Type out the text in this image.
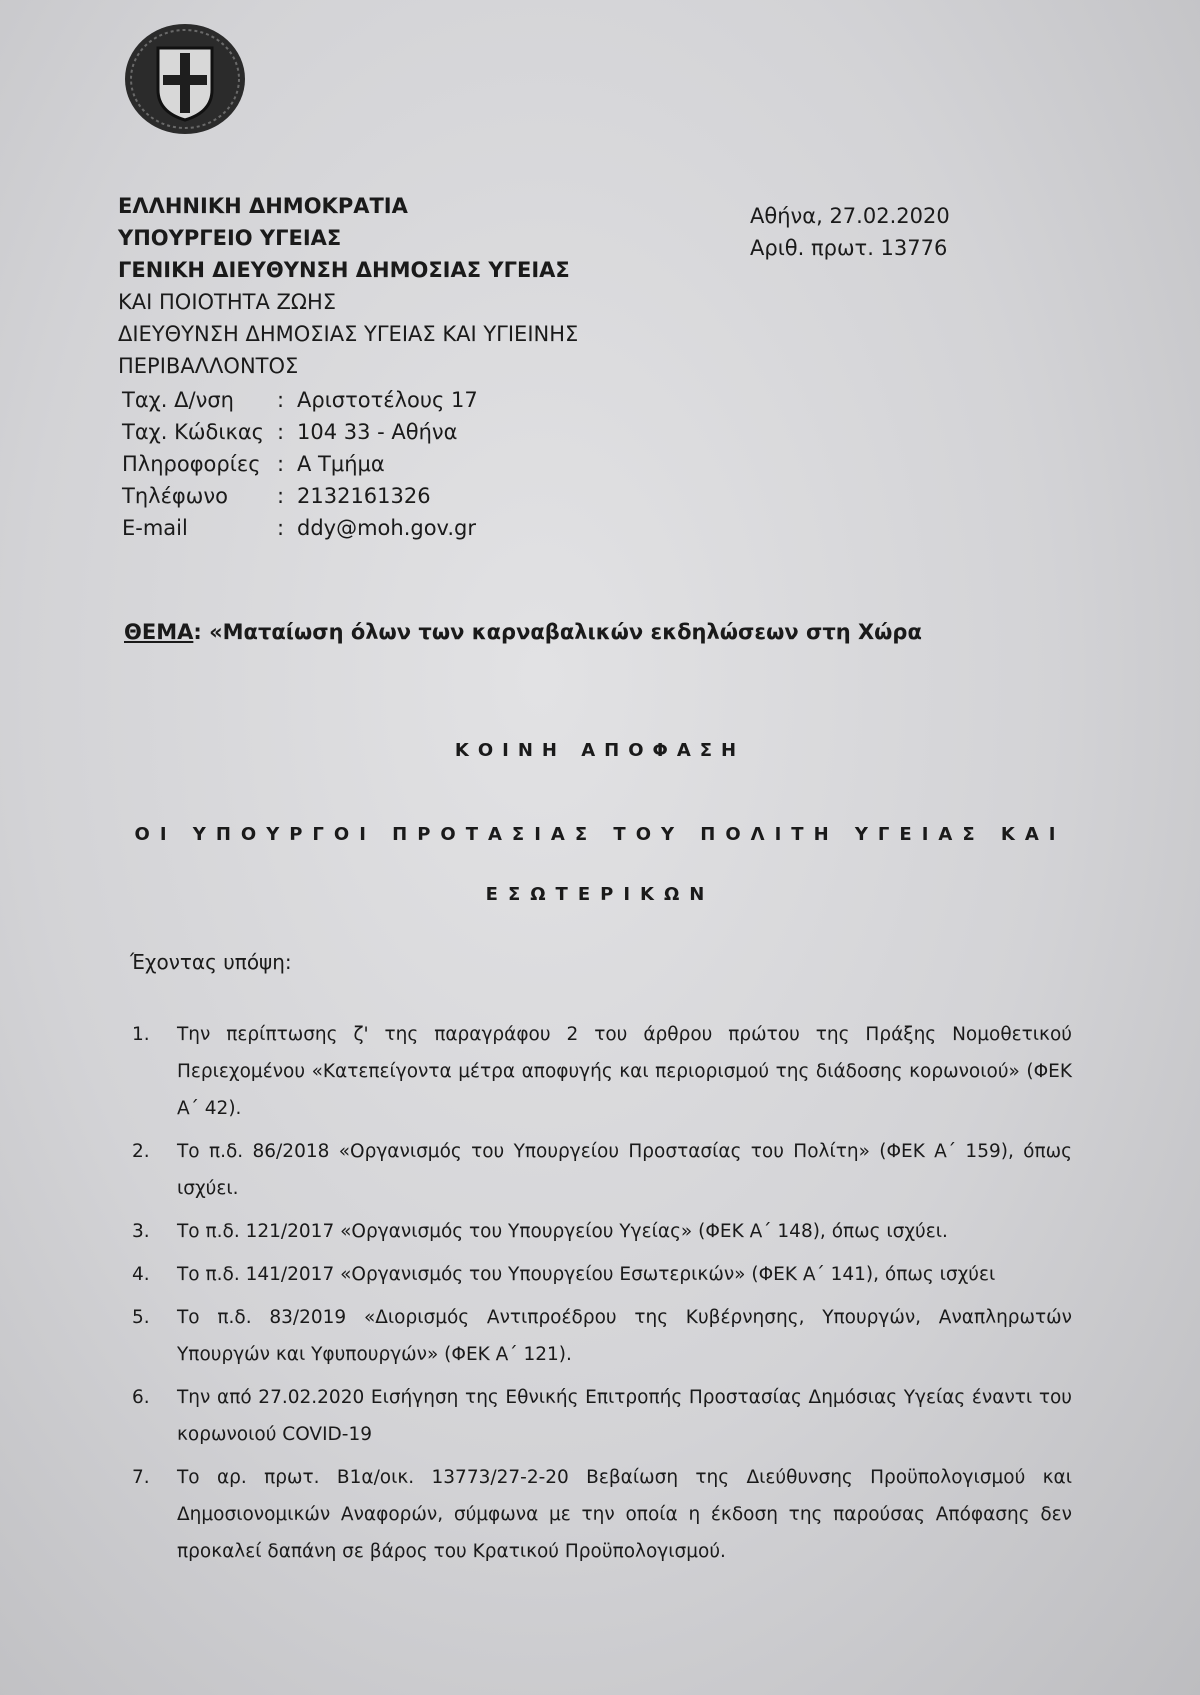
ΕΛΛΗΝΙΚΗ ΔΗΜΟΚΡΑΤΙΑ
ΥΠΟΥΡΓΕΙΟ ΥΓΕΙΑΣ
ΓΕΝΙΚΗ ΔΙΕΥΘΥΝΣΗ ΔΗΜΟΣΙΑΣ ΥΓΕΙΑΣ
ΚΑΙ ΠΟΙΟΤΗΤΑ ΖΩΗΣ
ΔΙΕΥΘΥΝΣΗ ΔΗΜΟΣΙΑΣ ΥΓΕΙΑΣ ΚΑΙ ΥΓΙΕΙΝΗΣ
ΠΕΡΙΒΑΛΛΟΝΤΟΣ
Αθήνα, 27.02.2020
Αριθ. πρωτ. 13776
Ταχ. Δ/νση	: Αριστοτέλους 17
Ταχ. Κώδικας : 104 33 - Αθήνα
Πληροφορίες : Α Τμήμα
Τηλέφωνο	: 2132161326
E-mail	: ddy@moh.gov.gr
ΘΕΜΑ: «Ματαίωση όλων των καρναβαλικών εκδηλώσεων στη Χώρα
ΚΟΙΝΗ ΑΠΟΦΑΣΗ
ΟΙ ΥΠΟΥΡΓΟΙ ΠΡΟΤΑΣΙΑΣ ΤΟΥ ΠΟΛΙΤΗ ΥΓΕΙΑΣ ΚΑΙ ΕΣΩΤΕΡΙΚΩΝ
Έχοντας υπόψη:
1. Την περίπτωσης ζ' της παραγράφου 2 του άρθρου πρώτου της Πράξης Νομοθετικού Περιεχομένου «Κατεπείγοντα μέτρα αποφυγής και περιορισμού της διάδοσης κορωνοιού» (ΦΕΚ Α΄ 42).
2. Το π.δ. 86/2018 «Οργανισμός του Υπουργείου Προστασίας του Πολίτη» (ΦΕΚ Α΄ 159), όπως ισχύει.
3. Το π.δ. 121/2017 «Οργανισμός του Υπουργείου Υγείας» (ΦΕΚ Α΄ 148), όπως ισχύει.
4. Το π.δ. 141/2017 «Οργανισμός του Υπουργείου Εσωτερικών» (ΦΕΚ Α΄ 141), όπως ισχύει
5. Το π.δ. 83/2019 «Διορισμός Αντιπροέδρου της Κυβέρνησης, Υπουργών, Αναπληρωτών Υπουργών και Υφυπουργών» (ΦΕΚ Α΄ 121).
6. Την από 27.02.2020 Εισήγηση της Εθνικής Επιτροπής Προστασίας Δημόσιας Υγείας έναντι του κορωνοιού COVID-19
7. Το αρ. πρωτ. Β1α/οικ. 13773/27-2-20 Βεβαίωση της Διεύθυνσης Προϋπολογισμού και Δημοσιονομικών Αναφορών, σύμφωνα με την οποία η έκδοση της παρούσας Απόφασης δεν προκαλεί δαπάνη σε βάρος του Κρατικού Προϋπολογισμού.
